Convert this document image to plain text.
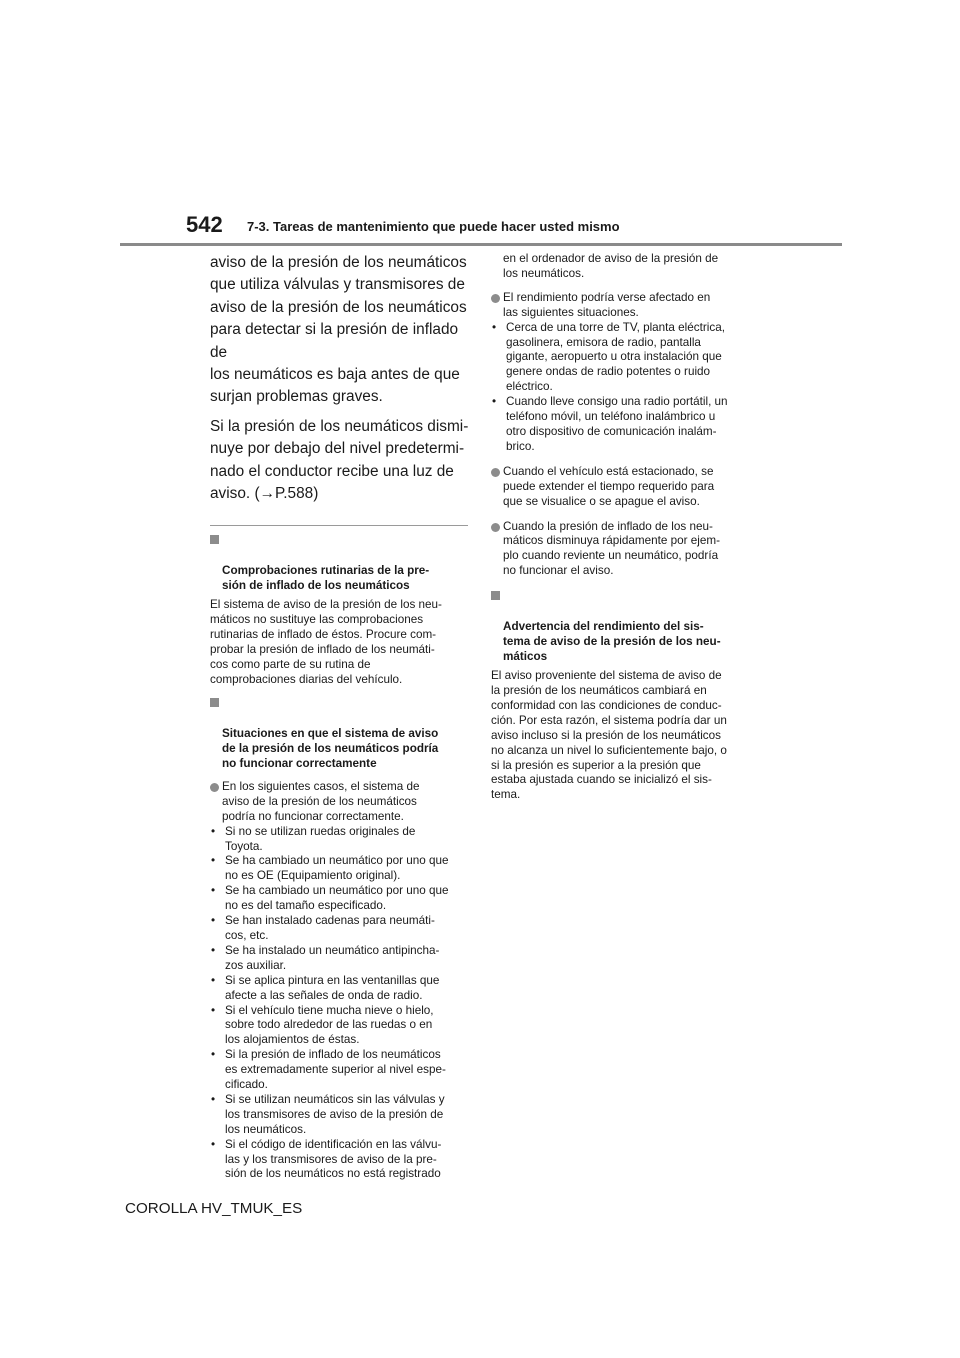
542 7-3. Tareas de mantenimiento que puede hacer usted mismo

aviso de la presión de los neumáticos
que utiliza válvulas y transmisores de
aviso de la presión de los neumáticos
para detectar si la presión de inflado de
los neumáticos es baja antes de que
surjan problemas graves.

Si la presión de los neumáticos dismi-
nuye por debajo del nivel predetermi-
nado el conductor recibe una luz de
aviso. (→P.588)

Comprobaciones rutinarias de la pre-
sión de inflado de los neumáticos

El sistema de aviso de la presión de los neu-
máticos no sustituye las comprobaciones
rutinarias de inflado de éstos. Procure com-
probar la presión de inflado de los neumáti-
cos como parte de su rutina de
comprobaciones diarias del vehículo.

Situaciones en que el sistema de aviso
de la presión de los neumáticos podría
no funcionar correctamente

En los siguientes casos, el sistema de
aviso de la presión de los neumáticos
podría no funcionar correctamente.
• Si no se utilizan ruedas originales de
Toyota.
• Se ha cambiado un neumático por uno que
no es OE (Equipamiento original).
• Se ha cambiado un neumático por uno que
no es del tamaño especificado.
• Se han instalado cadenas para neumáti-
cos, etc.
• Se ha instalado un neumático antipincha-
zos auxiliar.
• Si se aplica pintura en las ventanillas que
afecte a las señales de onda de radio.
• Si el vehículo tiene mucha nieve o hielo,
sobre todo alrededor de las ruedas o en
los alojamientos de éstas.
• Si la presión de inflado de los neumáticos
es extremadamente superior al nivel espe-
cificado.
• Si se utilizan neumáticos sin las válvulas y
los transmisores de aviso de la presión de
los neumáticos.
• Si el código de identificación en las válvu-
las y los transmisores de aviso de la pre-
sión de los neumáticos no está registrado
en el ordenador de aviso de la presión de
los neumáticos.
El rendimiento podría verse afectado en
las siguientes situaciones.
• Cerca de una torre de TV, planta eléctrica,
gasolinera, emisora de radio, pantalla
gigante, aeropuerto u otra instalación que
genere ondas de radio potentes o ruido
eléctrico.
• Cuando lleve consigo una radio portátil, un
teléfono móvil, un teléfono inalámbrico u
otro dispositivo de comunicación inalám-
brico.
Cuando el vehículo está estacionado, se
puede extender el tiempo requerido para
que se visualice o se apague el aviso.
Cuando la presión de inflado de los neu-
máticos disminuya rápidamente por ejem-
plo cuando reviente un neumático, podría
no funcionar el aviso.

Advertencia del rendimiento del sis-
tema de aviso de la presión de los neu-
máticos

El aviso proveniente del sistema de aviso de
la presión de los neumáticos cambiará en
conformidad con las condiciones de conduc-
ción. Por esta razón, el sistema podría dar un
aviso incluso si la presión de los neumáticos
no alcanza un nivel lo suficientemente bajo, o
si la presión es superior a la presión que
estaba ajustada cuando se inicializó el sis-
tema.

COROLLA HV_TMUK_ES
